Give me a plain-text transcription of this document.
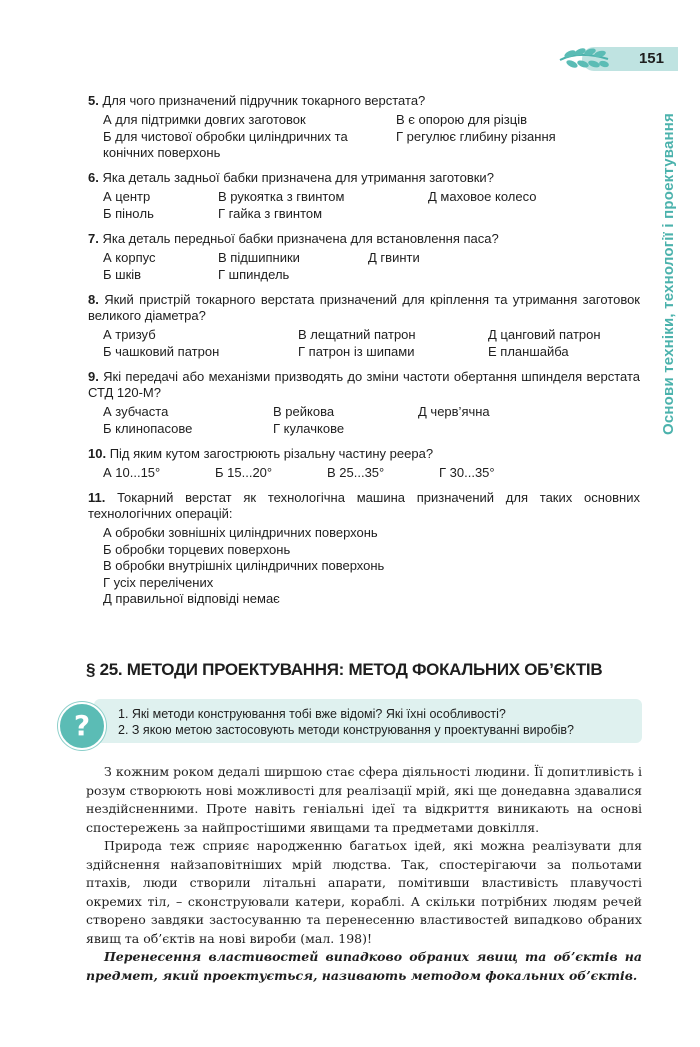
151
Основи техніки, технології і проектування
5. Для чого призначений підручник токарного верстата?
А для підтримки довгих заготовок	В є опорою для різців
Б для чистової обробки циліндричних та конічних поверхонь
Г регулює глибину різання
6. Яка деталь задньої бабки призначена для утримання заготовки?
А центр	В рукоятка з гвинтом	Д маховое колесо
Б пінoль	Г гайка з гвинтом
7. Яка деталь передньої бабки призначена для встановлення паса?
А корпус	В підшипники	Д гвинти
Б шків	Г шпиндель
8. Який пристрій токарного верстата призначений для кріплення та утримання заготовок великого діаметра?
А тризуб	В лещатний патрон	Д цанговий патрон
Б чашковий патрон	Г патрон із шипами	Е планшайба
9. Які передачі або механізми призводять до зміни частоти обертання шпинделя верстата СТД 120-М?
А зубчаста	В рейкова	Д черв’ячна
Б клинопасове	Г кулачкове
10. Під яким кутом загострюють різальну частину реера?
А 10...15°	Б 15...20°	В 25...35°	Г 30...35°
11. Токарний верстат як технологічна машина призначений для таких основних технологічних операцій:
А обробки зовнішніх циліндричних поверхонь
Б обробки торцевих поверхонь
В обробки внутрішніх циліндричних поверхонь
Г усіх перелічених
Д правильної відповіді немає
§ 25. МЕТОДИ ПРОЕКТУВАННЯ: МЕТОД ФОКАЛЬНИХ ОБ’ЄКТІВ
?	1. Які методи конструювання тобі вже відомі? Які їхні особливості?
2. З якою метою застосовують методи конструювання у проектуванні виробів?

З кожним роком дедалі ширшою стає сфера діяльності людини. Її допитливість і розум створюють нові можливості для реалізації мрій, які ще донедавна здавалися нездійсненними. Проте навіть геніальні ідеї та відкриття виникають на основі спостережень за найпростішими явищами та предметами довкілля.

Природа теж сприяє народженню багатьох ідей, які можна реалізувати для здійснення найзаповітніших мрій людства. Так, спостерігаючи за польотами птахів, люди створили літальні апарати, помітивши властивість плавучості окремих тіл, – сконструювали катери, кораблі. А скільки потрібних людям речей створено завдяки застосуванню та перенесенню властивостей випадково обраних явищ та об’єктів на нові вироби (мал. 198)!

Перенесення властивостей випадково обраних явищ та об’єктів на предмет, який проектується, називають методом фокальних об’єктів.
